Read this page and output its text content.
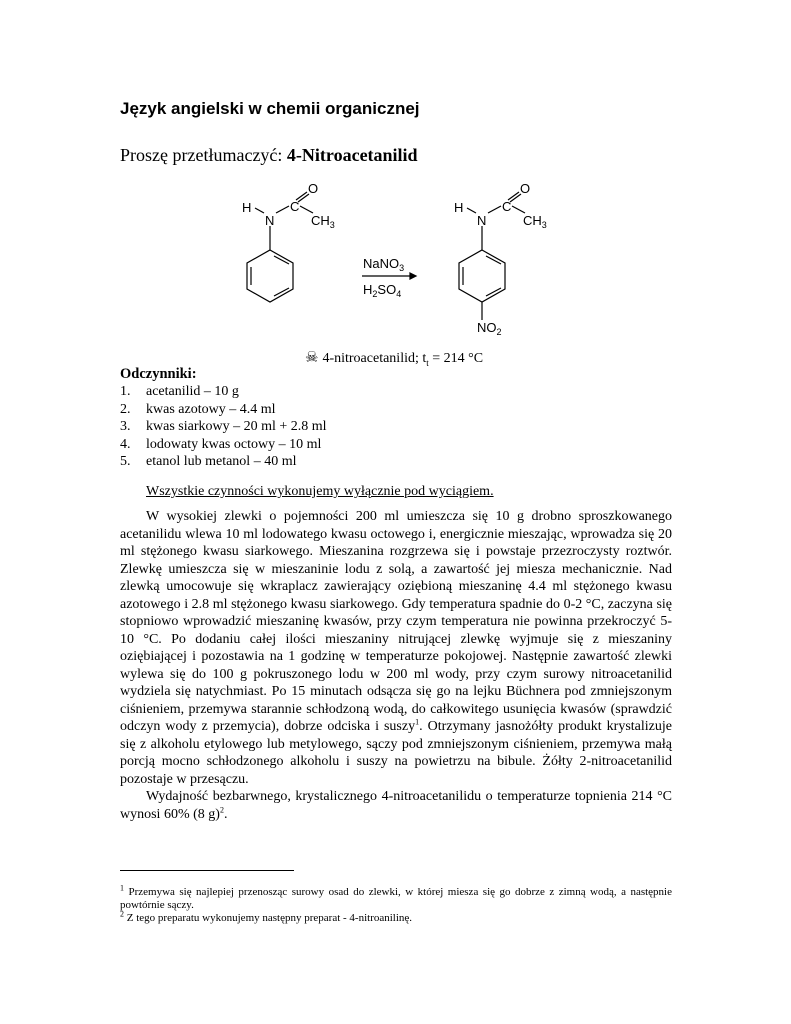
Język angielski w chemii organicznej
Proszę przetłumaczyć: 4-Nitroacetanilid
H
N
C
O
$CH_3$
NaNO$_3$
$H_2SO_4$
H
N
C
O
$CH_3$
$NO_2$
☠ 4-nitroacetanilid; $t_t = 214$ °C
Odczynniki:
1. acetanilid – 10 g
2. kwas azotowy – 4.4 ml
3. kwas siarkowy – 20 ml + 2.8 ml
4. lodowaty kwas octowy – 10 ml
5. etanol lub metanol – 40 ml
Wszystkie czynności wykonujemy wyłącznie pod wyciągiem.

W wysokiej zlewki o pojemności 200 ml umieszcza się 10 g drobno sproszkowanego acetanilidu wlewa 10 ml lodowatego kwasu octowego i, energicznie mieszając, wprowadza się 20 ml stężonego kwasu siarkowego. Mieszanina rozgrzewa się i powstaje przezroczysty roztwór. Zlewkę umieszcza się w mieszaninie lodu z solą, a zawartość jej miesza mechanicznie. Nad zlewką umocowuje się wkraplacz zawierający oziębioną mieszaninę 4.4 ml stężonego kwasu azotowego i 2.8 ml stężonego kwasu siarkowego. Gdy temperatura spadnie do 0-2 °C, zaczyna się stopniowo wprowadzić mieszaninę kwasów, przy czym temperatura nie powinna przekroczyć 5-10 °C. Po dodaniu całej ilości mieszaniny nitrującej zlewkę wyjmuje się z mieszaniny oziębiającej i pozostawia na 1 godzinę w temperaturze pokojowej. Następnie zawartość zlewki wylewa się do 100 g pokruszonego lodu w 200 ml wody, przy czym surowy nitroacetanilid wydziela się natychmiast. Po 15 minutach odsącza się go na lejku Büchnera pod zmniejszonym ciśnieniem, przemywa starannie schłodzoną wodą, do całkowitego usunięcia kwasów (sprawdzić odczyn wody z przemycia), dobrze odciska i suszy$^1$. Otrzymany jasnożółty produkt krystalizuje się z alkoholu etylowego lub metylowego, sączy pod zmniejszonym ciśnieniem, przemywa małą porcją mocno schłodzonego alkoholu i suszy na powietrzu na bibule. Żółty 2-nitroacetanilid pozostaje w przesączu.

Wydajność bezbarwnego, krystalicznego 4-nitroacetanilidu o temperaturze topnienia 214 °C wynosi 60% (8 g)$^2$.

$^1$ Przemywa się najlepiej przenosząc surowy osad do zlewki, w której miesza się go dobrze z zimną wodą, a następnie powtórnie sączy.

$^2$ Z tego preparatu wykonujemy następny preparat - 4-nitroanilinę.
